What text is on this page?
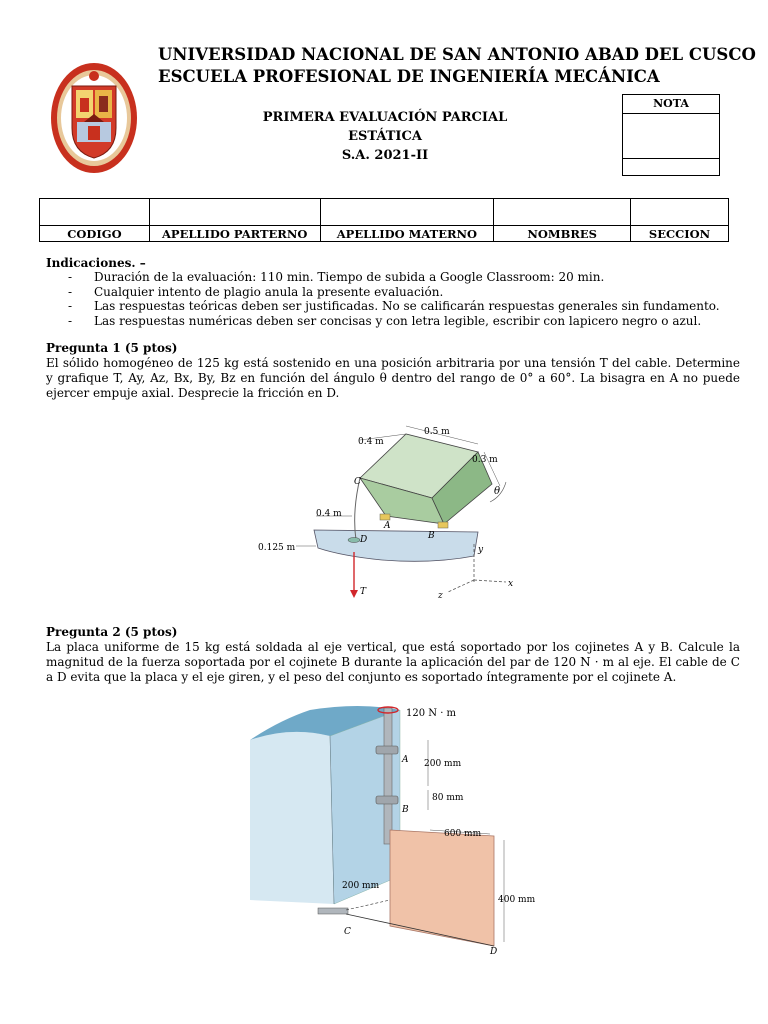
UNIVERSIDAD NACIONAL DE SAN ANTONIO ABAD DEL CUSCO
ESCUELA PROFESIONAL DE INGENIERÍA MECÁNICA
PRIMERA EVALUACIÓN PARCIAL
ESTÁTICA
S.A. 2021-II
NOTA

CODIGO	APELLIDO PARTERNO	APELLIDO MATERNO	NOMBRES	SECCION
Indicaciones. –
-	Duración de la evaluación: 110 min. Tiempo de subida a Google Classroom: 20 min.
-	Cualquier intento de plagio anula la presente evaluación.
-	Las respuestas teóricas deben ser justificadas. No se calificarán respuestas generales sin fundamento.
-	Las respuestas numéricas deben ser concisas y con letra legible, escribir con lapicero negro o azul.
Pregunta 1 (5 ptos)
El sólido homogéneo de 125 kg está sostenido en una posición arbitraria por una tensión T del cable. Determine y grafique T, Ay, Az, Bx, By, Bz en función del ángulo θ dentro del rango de 0° a 60°. La bisagra en A no puede ejercer empuje axial. Desprecie la fricción en D.
0.4 m
0.5 m
0.3 m
θ
0.4 m
0.125 m
C
A
B
D
T
y
x
z
Pregunta 2 (5 ptos)
La placa uniforme de 15 kg está soldada al eje vertical, que está soportado por los cojinetes A y B. Calcule la magnitud de la fuerza soportada por el cojinete B durante la aplicación del par de 120 N · m al eje. El cable de C a D evita que la placa y el eje giren, y el peso del conjunto es soportado íntegramente por el cojinete A.
120 N · m
200 mm
80 mm
600 mm
200 mm
400 mm
A
B
C
D
